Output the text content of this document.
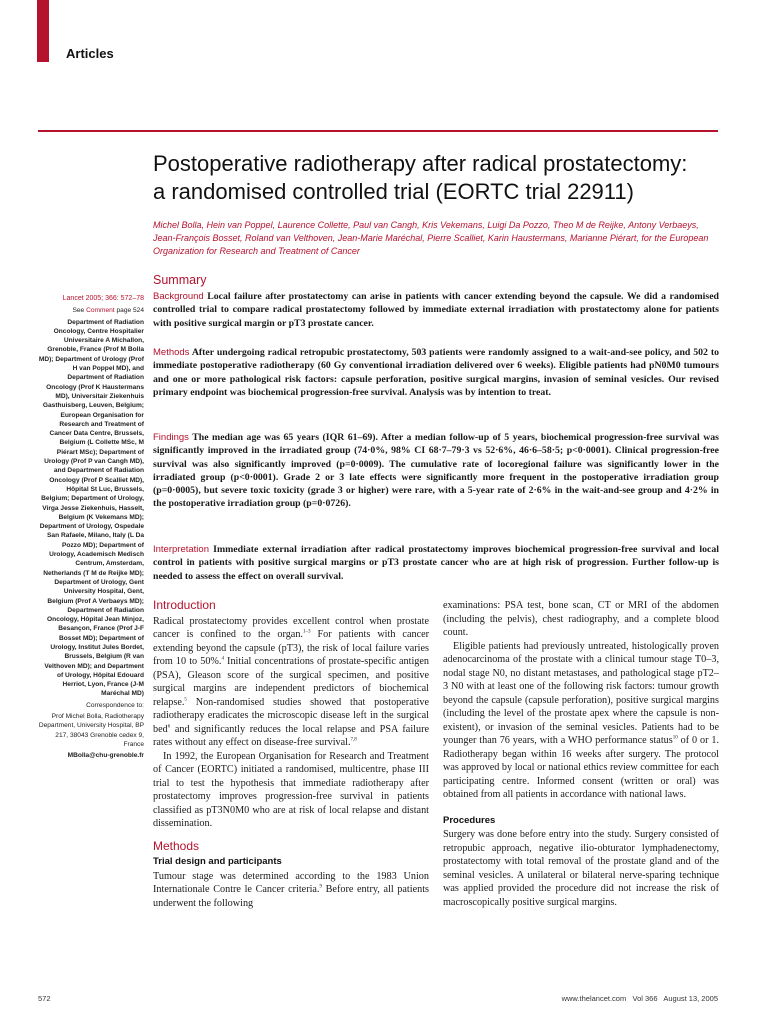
Articles
Postoperative radiotherapy after radical prostatectomy:
a randomised controlled trial (EORTC trial 22911)
Michel Bolla, Hein van Poppel, Laurence Collette, Paul van Cangh, Kris Vekemans, Luigi Da Pozzo, Theo M de Reijke, Antony Verbaeys, Jean-François Bosset, Roland van Velthoven, Jean-Marie Maréchal, Pierre Scalliet, Karin Haustermans, Marianne Piérart, for the European Organization for Research and Treatment of Cancer
Summary

Background Local failure after prostatectomy can arise in patients with cancer extending beyond the capsule. We did a randomised controlled trial to compare radical prostatectomy followed by immediate external irradiation with prostatectomy alone for patients with positive surgical margin or pT3 prostate cancer.

Methods After undergoing radical retropubic prostatectomy, 503 patients were randomly assigned to a wait-and-see policy, and 502 to immediate postoperative radiotherapy (60 Gy conventional irradiation delivered over 6 weeks). Eligible patients had pN0M0 tumours and one or more pathological risk factors: capsule perforation, positive surgical margins, invasion of seminal vesicles. Our revised primary endpoint was biochemical progression-free survival. Analysis was by intention to treat.

Findings The median age was 65 years (IQR 61–69). After a median follow-up of 5 years, biochemical progression-free survival was significantly improved in the irradiated group (74·0%, 98% CI 68·7–79·3 vs 52·6%, 46·6–58·5; p<0·0001). Clinical progression-free survival was also significantly improved (p=0·0009). The cumulative rate of locoregional failure was significantly lower in the irradiated group (p<0·0001). Grade 2 or 3 late effects were significantly more frequent in the postoperative irradiation group (p=0·0005), but severe toxic toxicity (grade 3 or higher) were rare, with a 5-year rate of 2·6% in the wait-and-see group and 4·2% in the postoperative irradiation group (p=0·0726).

Interpretation Immediate external irradiation after radical prostatectomy improves biochemical progression-free survival and local control in patients with positive surgical margins or pT3 prostate cancer who are at high risk of progression. Further follow-up is needed to assess the effect on overall survival.

Lancet 2005; 366: 572–78

See Comment page 524

Department of Radiation Oncology, Centre Hospitalier Universitaire A Michallon, Grenoble, France (Prof M Bolla MD); Department of Urology (Prof H van Poppel MD), and Department of Radiation Oncology (Prof K Haustermans MD), Universitair Ziekenhuis Gasthuisberg, Leuven, Belgium; European Organisation for Research and Treatment of Cancer Data Centre, Brussels, Belgium (L Collette MSc, M Piérart MSc); Department of Urology (Prof P van Cangh MD), and Department of Radiation Oncology (Prof P Scalliet MD), Hôpital St Luc, Brussels, Belgium; Department of Urology, Virga Jesse Ziekenhuis, Hasselt, Belgium (K Vekemans MD); Department of Urology, Ospedale San Rafaele, Milano, Italy (L Da Pozzo MD); Department of Urology, Academisch Medisch Centrum, Amsterdam, Netherlands (T M de Reijke MD); Department of Urology, Gent University Hospital, Gent, Belgium (Prof A Verbaeys MD); Department of Radiation Oncology, Hôpital Jean Minjoz, Besançon, France (Prof J-F Bosset MD); Department of Urology, Institut Jules Bordet, Brussels, Belgium (R van Velthoven MD); and Department of Urology, Hôpital Edouard Herriot, Lyon, France (J-M Maréchal MD)

Correspondence to:

Prof Michel Bolla, Radiotherapy Department, University Hospital, BP 217, 38043 Grenoble cedex 9, France

MBolla@chu-grenoble.fr

Introduction

Radical prostatectomy provides excellent control when prostate cancer is confined to the organ.$^{1-3}$ For patients with cancer extending beyond the capsule (pT3), the risk of local failure varies from 10 to 50%.$^4$ Initial concentrations of prostate-specific antigen (PSA), Gleason score of the surgical specimen, and positive surgical margins are independent predictors of biochemical relapse.$^5$ Non-randomised studies showed that postoperative radiotherapy eradicates the microscopic disease left in the surgical bed$^6$ and significantly reduces the local relapse and PSA failure rates without any effect on disease-free survival.$^{7,8}$

In 1992, the European Organisation for Research and Treatment of Cancer (EORTC) initiated a randomised, multicentre, phase III trial to test the hypothesis that immediate radiotherapy after prostatectomy improves progression-free survival in patients classified as pT3N0M0 who are at risk of local relapse and distant dissemination.

Methods
Trial design and participants

Tumour stage was determined according to the 1983 Union Internationale Contre le Cancer criteria.$^9$ Before entry, all patients underwent the following

examinations: PSA test, bone scan, CT or MRI of the abdomen (including the pelvis), chest radiography, and a complete blood count.

Eligible patients had previously untreated, histologically proven adenocarcinoma of the prostate with a clinical tumour stage T0–3, nodal stage N0, no distant metastases, and pathological stage pT2–3 N0 with at least one of the following risk factors: tumour growth beyond the capsule (capsule perforation), positive surgical margins (including the level of the prostate apex where the capsule is non-existent), or invasion of the seminal vesicles. Patients had to be younger than 76 years, with a WHO performance status$^{10}$ of 0 or 1. Radiotherapy began within 16 weeks after surgery. The protocol was approved by local or national ethics review committee for each participating centre. Informed consent (written or oral) was obtained from all patients in accordance with national laws.

Procedures

Surgery was done before entry into the study. Surgery consisted of retropubic approach, negative ilio-obturator lymphadenectomy, prostatectomy with total removal of the prostate gland and of the seminal vesicles. A unilateral or bilateral nerve-sparing technique was applied provided the procedure did not increase the risk of macroscopically positive surgical margins.

572	www.thelancet.com Vol 366 August 13, 2005
